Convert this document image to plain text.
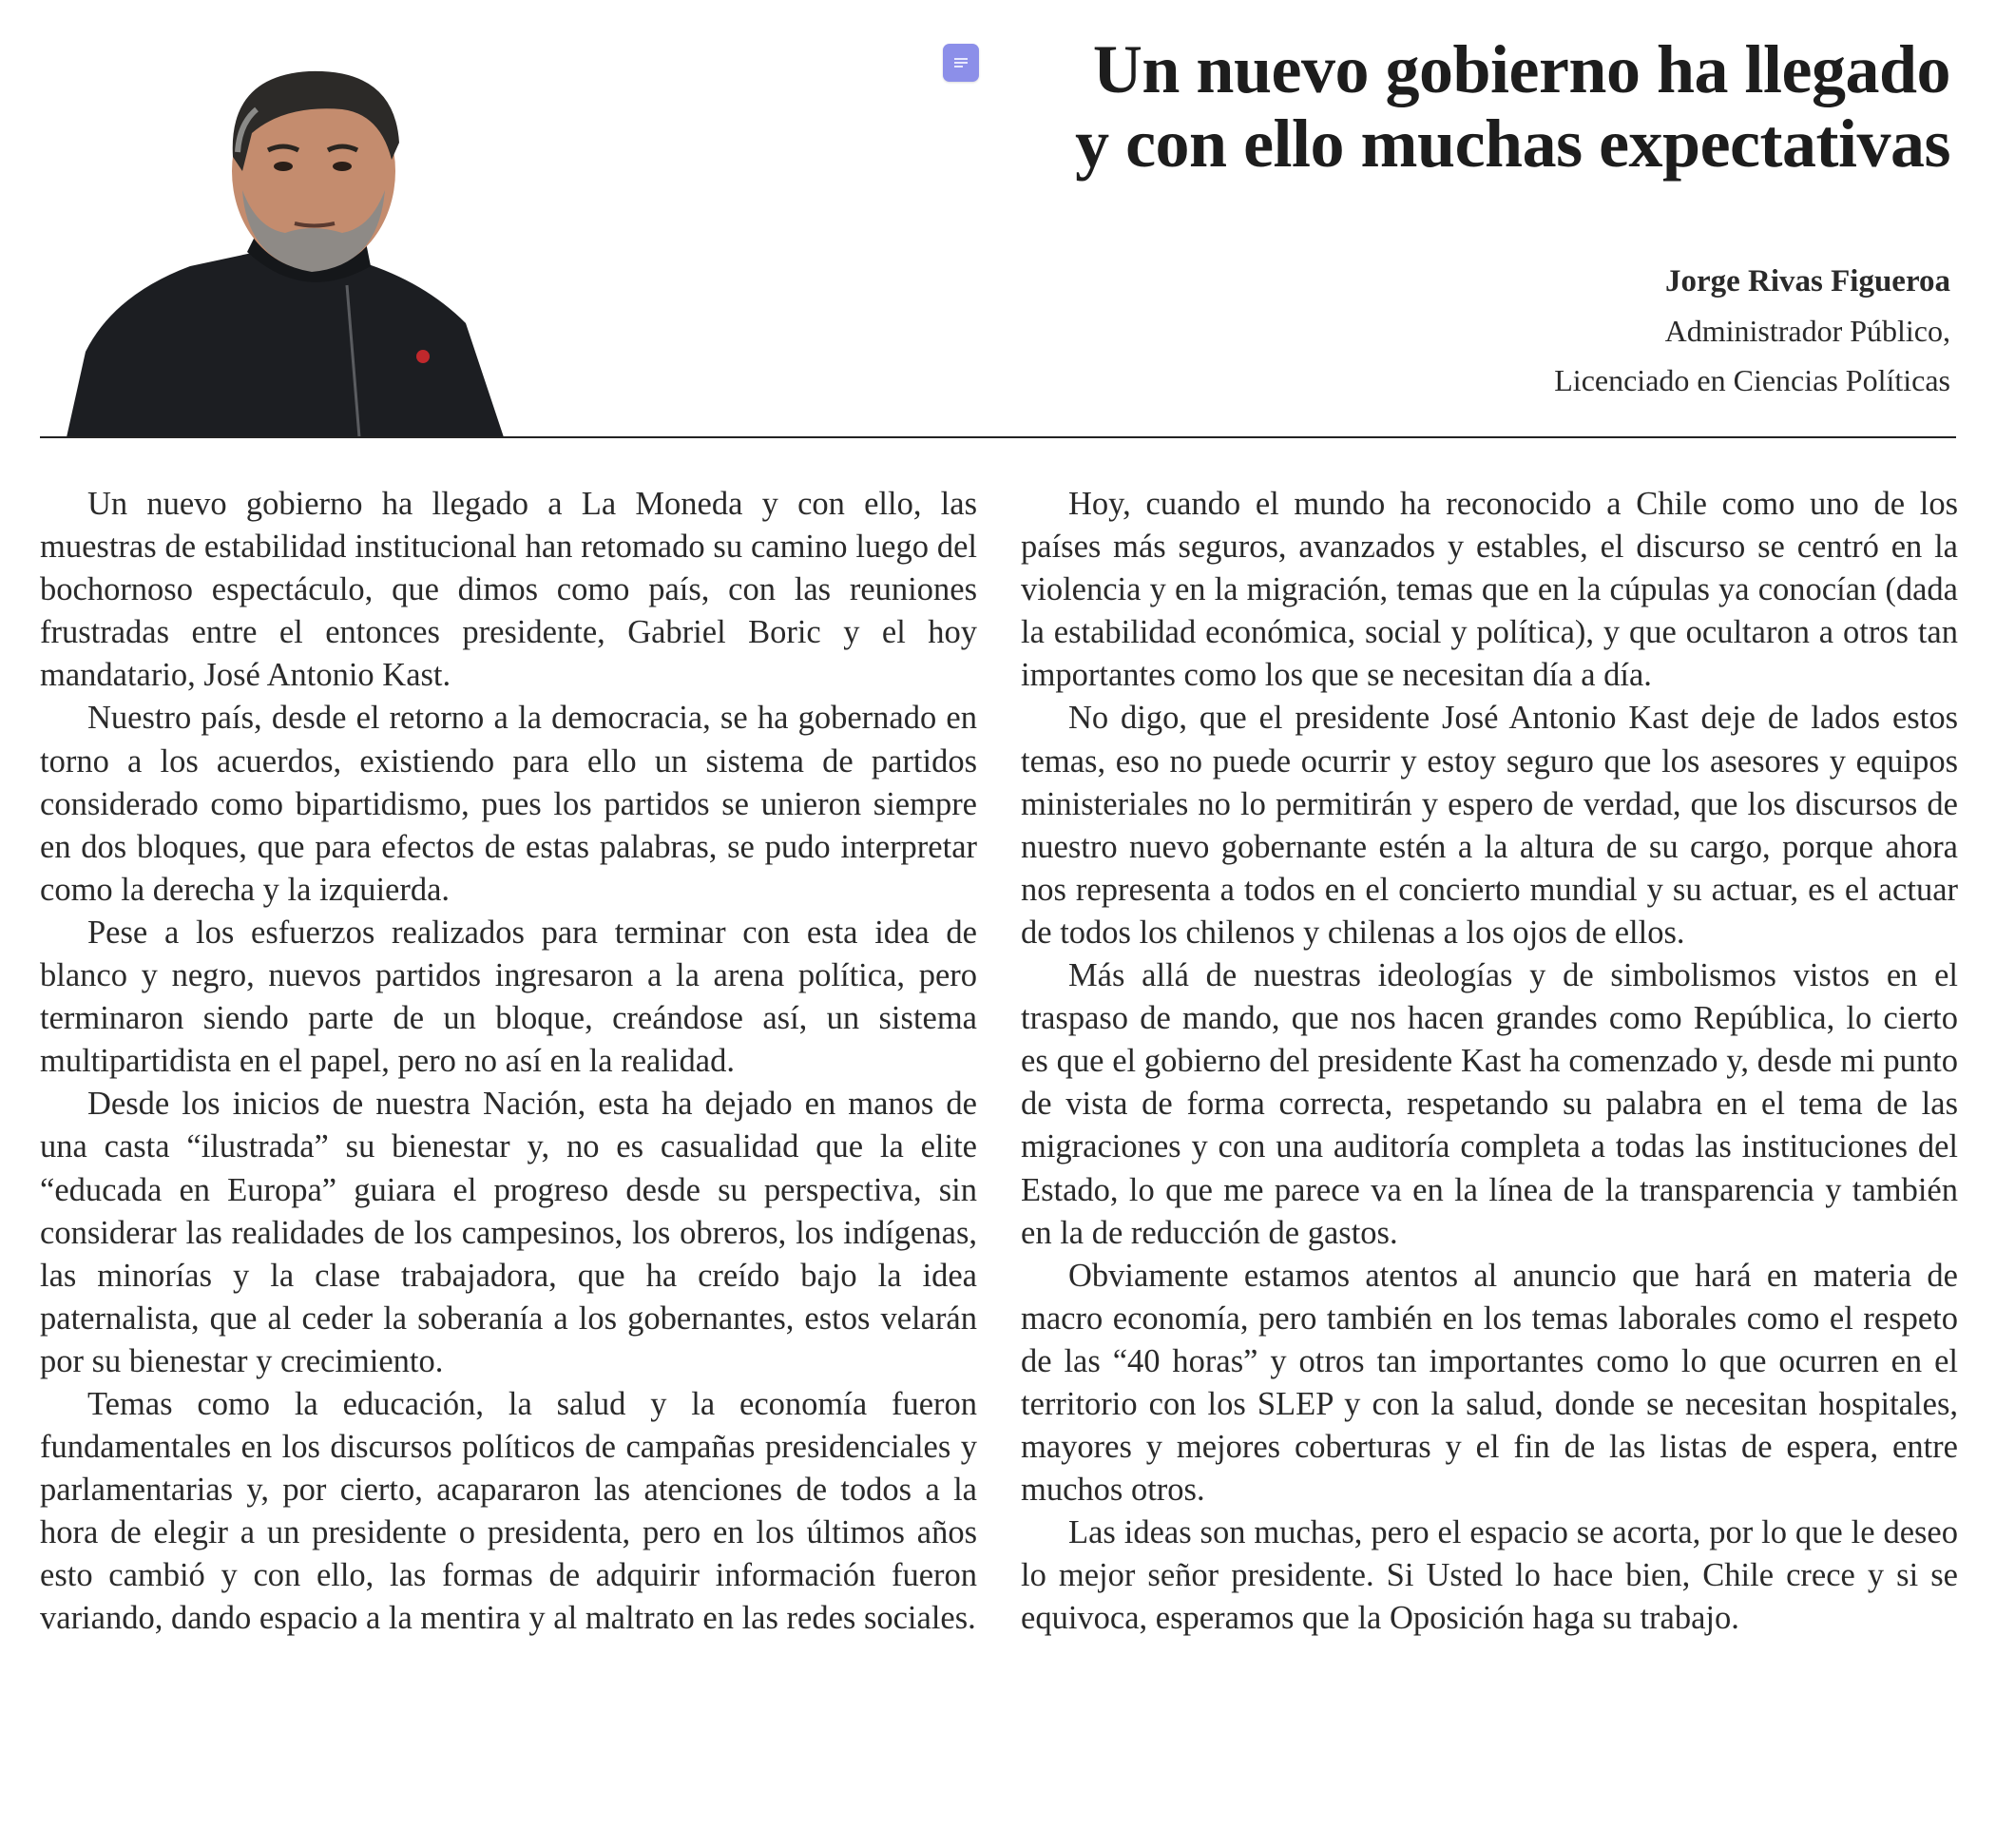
Un nuevo gobierno ha llegado
y con ello muchas expectativas
Jorge Rivas Figueroa
Administrador Público,
Licenciado en Ciencias Políticas

Un nuevo gobierno ha llegado a La Moneda y con ello, las muestras de estabilidad institucional han retomado su camino luego del bochornoso espectáculo, que dimos como país, con las reuniones frustradas entre el entonces presidente, Gabriel Boric y el hoy mandatario, José Antonio Kast.

Nuestro país, desde el retorno a la democracia, se ha gobernado en torno a los acuerdos, existiendo para ello un sistema de partidos considerado como bipartidismo, pues los partidos se unieron siempre en dos bloques, que para efectos de estas palabras, se pudo interpretar como la derecha y la izquierda.

Pese a los esfuerzos realizados para terminar con esta idea de blanco y negro, nuevos partidos ingresaron a la arena política, pero terminaron siendo parte de un bloque, creándose así, un sistema multipartidista en el papel, pero no así en la realidad.

Desde los inicios de nuestra Nación, esta ha dejado en manos de una casta “ilustrada” su bienestar y, no es casualidad que la elite “educada en Europa” guiara el progreso desde su perspectiva, sin considerar las realidades de los campesinos, los obreros, los indígenas, las minorías y la clase trabajadora, que ha creído bajo la idea paternalista, que al ceder la soberanía a los gobernantes, estos velarán por su bienestar y crecimiento.

Temas como la educación, la salud y la economía fueron fundamentales en los discursos políticos de campañas presidenciales y parlamentarias y, por cierto, acapararon las atenciones de todos a la hora de elegir a un presidente o presidenta, pero en los últimos años esto cambió y con ello, las formas de adquirir información fueron variando, dando espacio a la mentira y al maltrato en las redes sociales.

Hoy, cuando el mundo ha reconocido a Chile como uno de los países más seguros, avanzados y estables, el discurso se centró en la violencia y en la migración, temas que en la cúpulas ya conocían (dada la estabilidad económica, social y política), y que ocultaron a otros tan importantes como los que se necesitan día a día.

No digo, que el presidente José Antonio Kast deje de lados estos temas, eso no puede ocurrir y estoy seguro que los asesores y equipos ministeriales no lo permitirán y espero de verdad, que los discursos de nuestro nuevo gobernante estén a la altura de su cargo, porque ahora nos representa a todos en el concierto mundial y su actuar, es el actuar de todos los chilenos y chilenas a los ojos de ellos.

Más allá de nuestras ideologías y de simbolismos vistos en el traspaso de mando, que nos hacen grandes como República, lo cierto es que el gobierno del presidente Kast ha comenzado y, desde mi punto de vista de forma correcta, respetando su palabra en el tema de las migraciones y con una auditoría completa a todas las instituciones del Estado, lo que me parece va en la línea de la transparencia y también en la de reducción de gastos.

Obviamente estamos atentos al anuncio que hará en materia de macro economía, pero también en los temas laborales como el respeto de las “40 horas” y otros tan importantes como lo que ocurren en el territorio con los SLEP y con la salud, donde se necesitan hospitales, mayores y mejores coberturas y el fin de las listas de espera, entre muchos otros.

Las ideas son muchas, pero el espacio se acorta, por lo que le deseo lo mejor señor presidente. Si Usted lo hace bien, Chile crece y si se equivoca, esperamos que la Oposición haga su trabajo.
